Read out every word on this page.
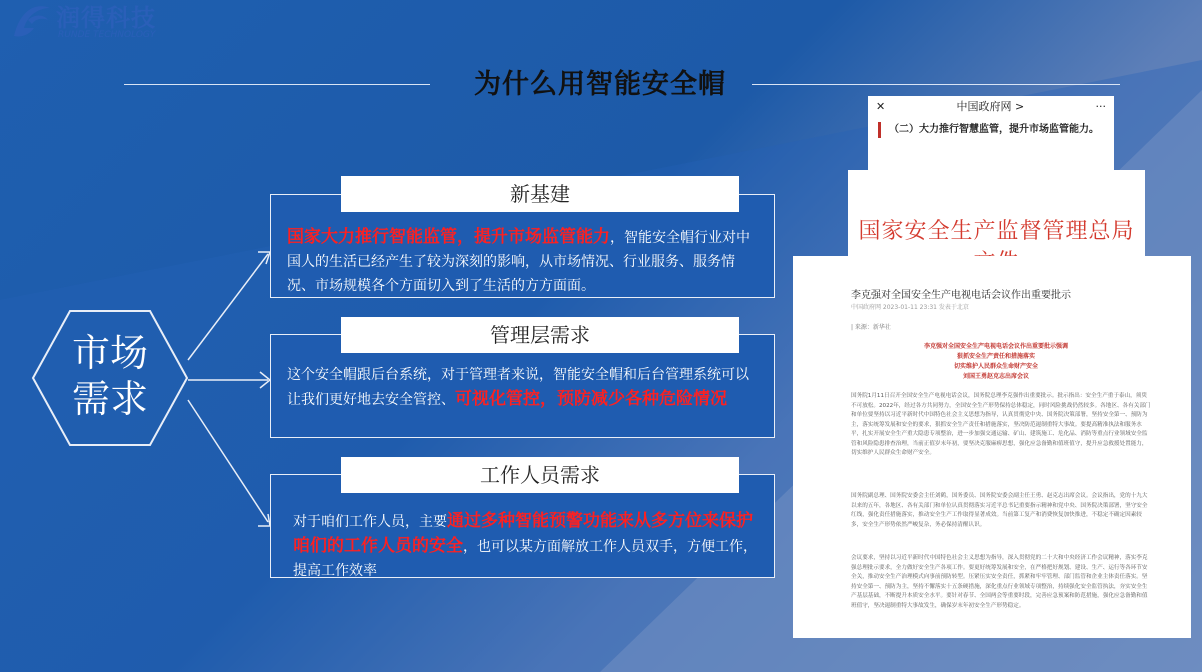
润得科技
RUNDE TECHNOLOGY
为什么用智能安全帽
市场
需求

国家大力推行智能监管，提升市场监管能力，智能安全帽行业对中国人的生活已经产生了较为深刻的影响，从市场情况、行业服务、服务情况、市场规模各个方面切入到了生活的方方面面。

新基建

这个安全帽跟后台系统，对于管理者来说，智能安全帽和后台管理系统可以让我们更好地去安全管控、可视化管控，预防减少各种危险情况

管理层需求

对于咱们工作人员，主要通过多种智能预警功能来从多方位来保护咱们的工作人员的安全，也可以某方面解放工作人员双手，方便工作，提高工作效率

工作人员需求
✕	中国政府网 >	···
（二）大力推行智慧监管，提升市场监管能力。
国家安全生产监督管理总局
李克强对全国安全生产电视电话会议作出重要批示
中国政府网 2023-01-11 23:31 发表于北京
| 来源：新华社
李克强对全国安全生产电视电话会议作出重要批示强调
狠抓安全生产责任和措施落实
切实维护人民群众生命财产安全
刘国王勇赵克志出席会议
国务院1月11日召开全国安全生产电视电话会议，国务院总理李克强作出重要批示。批示指出：安全生产重于泰山，须臾不可放松。2022年，经过各方共同努力，全国安全生产形势保持总体稳定，同时风险挑战仍然较多。各地区、各有关部门和单位要坚持以习近平新时代中国特色社会主义思想为指导，认真贯彻党中央、国务院决策部署，坚持安全第一、预防为主，落实统筹发展和安全的要求，狠抓安全生产责任和措施落实，坚决防范遏制重特大事故。要提高精准执法和服务水平，扎实开展安全生产重大隐患专项整治，进一步加强交通运输、矿山、建筑施工、危化品、消防等重点行业领域安全监管和风险隐患排查治理，当前正值岁末年初，要坚决克服麻痹思想，强化应急备勤和值班值守，提升应急救援处置能力，切实维护人民群众生命财产安全。
国务院副总理、国务院安委会主任刘鹤，国务委员、国务院安委会副主任王勇、赵克志出席会议。会议指出，党的十九大以来的五年，各地区、各有关部门和单位认真贯彻落实习近平总书记重要指示精神和党中央、国务院决策部署，坚守安全红线，强化责任措施落实，推动安全生产工作取得显著成效。当前第工复产和消费恢复加快推进，不稳定不确定因素较多，安全生产形势依然严峻复杂，务必保持清醒认识。
会议要求，坚持以习近平新时代中国特色社会主义思想为指导，深入贯彻党的二十大和中央经济工作会议精神，落实李克强总理批示要求，全力做好安全生产各项工作。要更好统筹发展和安全，在严格把好规划、建设、生产、运行等各环节安全关，推动安全生产治理模式向事前预防转型。压紧压实安全责任，抓紧和牢牢管理、部门监管和企业主体责任落实。坚持安全第一、预防为主，坚持不懈落实十五条硬措施，深化重点行业领域专项整治，持续强化安全监管执法，夯实安全生产基层基础，不断提升本质安全水平。要针对春节、全国两会等重要时段，完善应急预案和防范措施，强化应急备勤和值班值守，坚决遏制重特大事故发生，确保岁末年初安全生产形势稳定。
